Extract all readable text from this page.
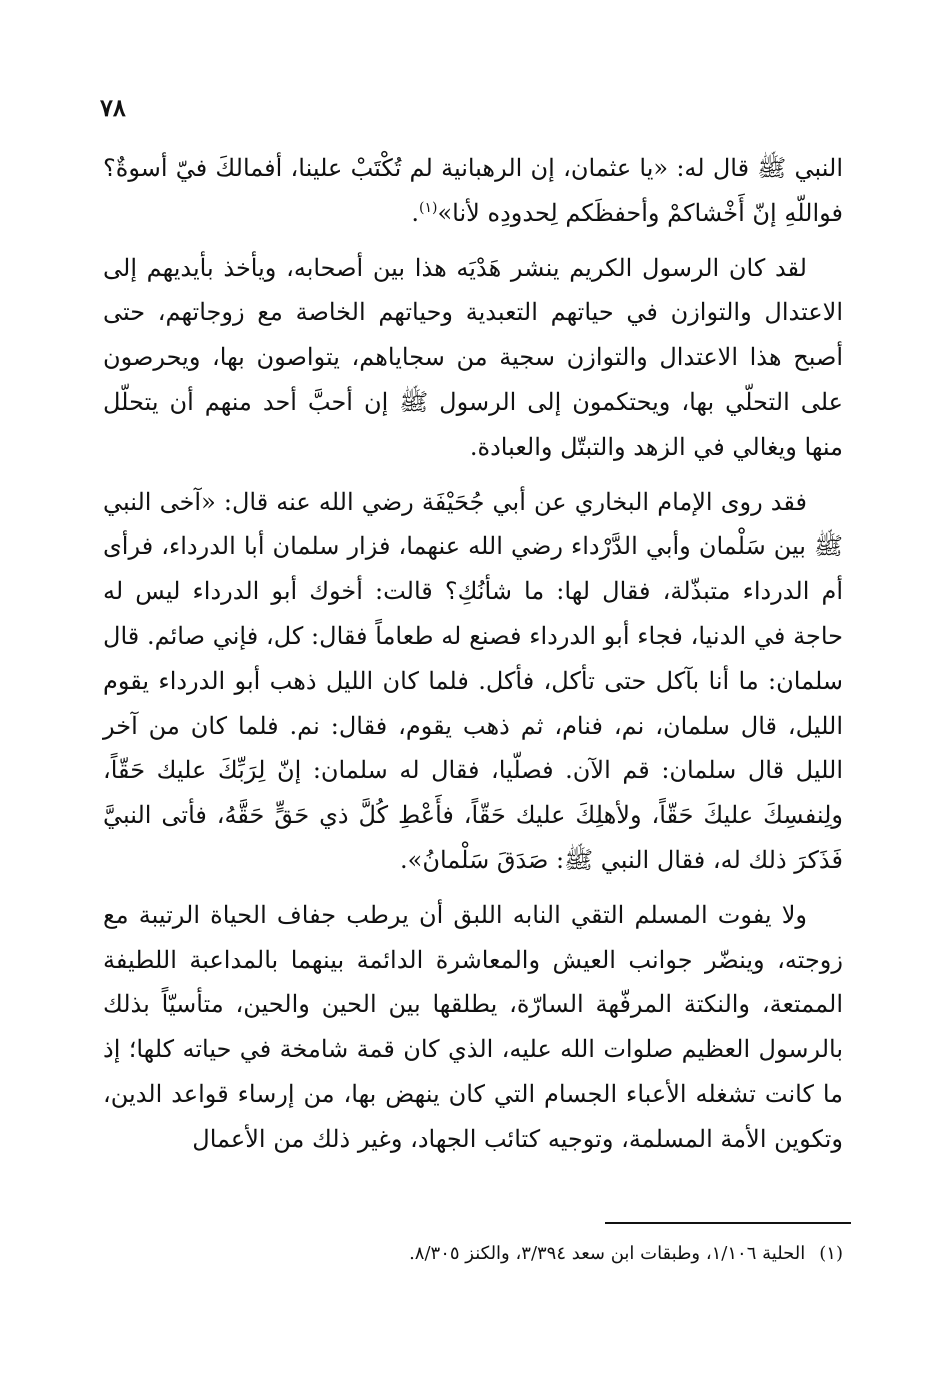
٧٨

النبي ﷺ قال له: «يا عثمان، إن الرهبانية لم تُكْتَبْ علينا، أفمالكَ فيّ أسوةٌ؟ فواللّهِ إنّ أَخْشاكمْ وأحفظَكم لِحدودِه لأنا»$^{(١)}$.

لقد كان الرسول الكريم ينشر هَدْيَه هذا بين أصحابه، ويأخذ بأيديهم إلى الاعتدال والتوازن في حياتهم التعبدية وحياتهم الخاصة مع زوجاتهم، حتى أصبح هذا الاعتدال والتوازن سجية من سجاياهم، يتواصون بها، ويحرصون على التحلّي بها، ويحتكمون إلى الرسول ﷺ إن أحبَّ أحد منهم أن يتحلّل منها ويغالي في الزهد والتبتّل والعبادة.

فقد روى الإمام البخاري عن أبي جُحَيْفَة رضي الله عنه قال: «آخى النبي ﷺ بين سَلْمان وأبي الدَّرْداء رضي الله عنهما، فزار سلمان أبا الدرداء، فرأى أم الدرداء متبذّلة، فقال لها: ما شأنُكِ؟ قالت: أخوك أبو الدرداء ليس له حاجة في الدنيا، فجاء أبو الدرداء فصنع له طعاماً فقال: كل، فإني صائم. قال سلمان: ما أنا بآكل حتى تأكل، فأكل. فلما كان الليل ذهب أبو الدرداء يقوم الليل، قال سلمان، نم، فنام، ثم ذهب يقوم، فقال: نم. فلما كان من آخر الليل قال سلمان: قم الآن. فصلّيا، فقال له سلمان: إنّ لِرَبِّكَ عليك حَقّاً، ولِنفسِكَ عليكَ حَقّاً، ولأهلِكَ عليك حَقّاً، فأَعْطِ كُلَّ ذي حَقٍّ حَقَّهُ، فأتى النبيَّ فَذَكرَ ذلك له، فقال النبي ﷺ: صَدَقَ سَلْمانُ».

ولا يفوت المسلم التقي النابه اللبق أن يرطب جفاف الحياة الرتيبة مع زوجته، وينضّر جوانب العيش والمعاشرة الدائمة بينهما بالمداعبة اللطيفة الممتعة، والنكتة المرفّهة السارّة، يطلقها بين الحين والحين، متأسيّاً بذلك بالرسول العظيم صلوات الله عليه، الذي كان قمة شامخة في حياته كلها؛ إذ ما كانت تشغله الأعباء الجسام التي كان ينهض بها، من إرساء قواعد الدين، وتكوين الأمة المسلمة، وتوجيه كتائب الجهاد، وغير ذلك من الأعمال

(١)الحلية ١/١٠٦، وطبقات ابن سعد ٣/٣٩٤، والكنز ٨/٣٠٥.
